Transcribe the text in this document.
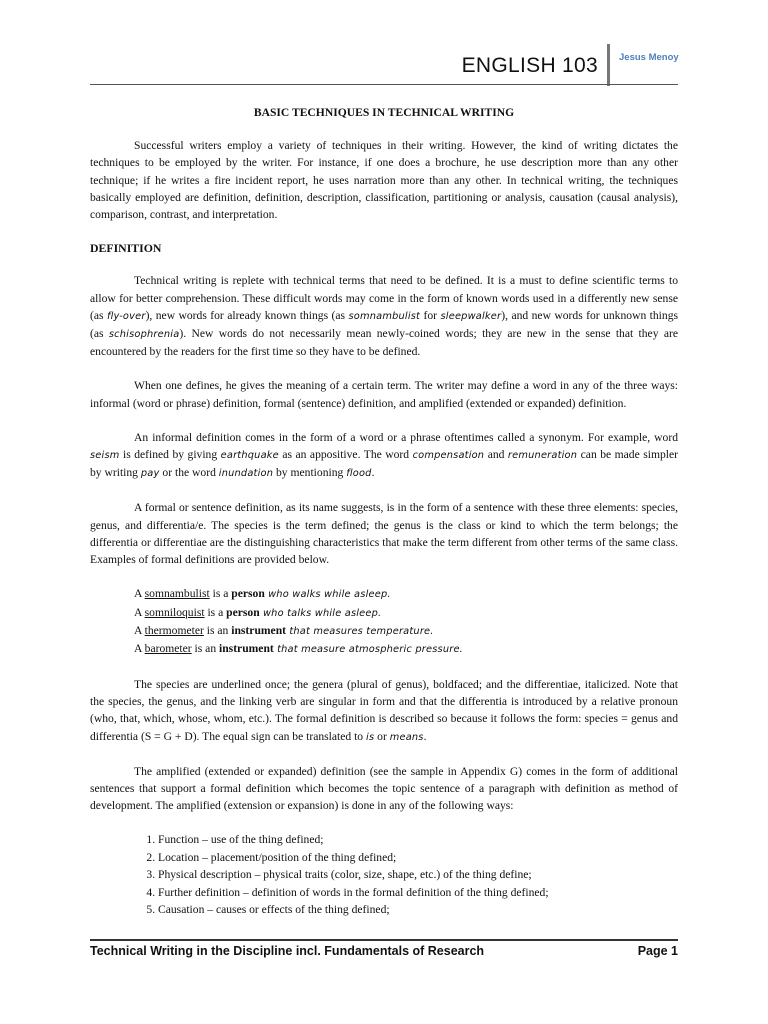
ENGLISH 103 Jesus Menoy
BASIC TECHNIQUES IN TECHNICAL WRITING

Successful writers employ a variety of techniques in their writing. However, the kind of writing dictates the techniques to be employed by the writer. For instance, if one does a brochure, he use description more than any other technique; if he writes a fire incident report, he uses narration more than any other. In technical writing, the techniques basically employed are definition, definition, description, classification, partitioning or analysis, causation (causal analysis), comparison, contrast, and interpretation.

DEFINITION

Technical writing is replete with technical terms that need to be defined. It is a must to define scientific terms to allow for better comprehension. These difficult words may come in the form of known words used in a differently new sense (as fly-over), new words for already known things (as somnambulist for sleepwalker), and new words for unknown things (as schisophrenia). New words do not necessarily mean newly-coined words; they are new in the sense that they are encountered by the readers for the first time so they have to be defined.

When one defines, he gives the meaning of a certain term. The writer may define a word in any of the three ways: informal (word or phrase) definition, formal (sentence) definition, and amplified (extended or expanded) definition.

An informal definition comes in the form of a word or a phrase oftentimes called a synonym. For example, word seism is defined by giving earthquake as an appositive. The word compensation and remuneration can be made simpler by writing pay or the word inundation by mentioning flood.

A formal or sentence definition, as its name suggests, is in the form of a sentence with these three elements: species, genus, and differentia/e. The species is the term defined; the genus is the class or kind to which the term belongs; the differentia or differentiae are the distinguishing characteristics that make the term different from other terms of the same class. Examples of formal definitions are provided below.

A somnambulist is a person who walks while asleep.
A somniloquist is a person who talks while asleep.
A thermometer is an instrument that measures temperature.
A barometer is an instrument that measure atmospheric pressure.

The species are underlined once; the genera (plural of genus), boldfaced; and the differentiae, italicized. Note that the species, the genus, and the linking verb are singular in form and that the differentia is introduced by a relative pronoun (who, that, which, whose, whom, etc.). The formal definition is described so because it follows the form: species = genus and differentia (S = G + D). The equal sign can be translated to is or means.

The amplified (extended or expanded) definition (see the sample in Appendix G) comes in the form of additional sentences that support a formal definition which becomes the topic sentence of a paragraph with definition as method of development. The amplified (extension or expansion) is done in any of the following ways:

1. Function – use of the thing defined;
2. Location – placement/position of the thing defined;
3. Physical description – physical traits (color, size, shape, etc.) of the thing define;
4. Further definition – definition of words in the formal definition of the thing defined;
5. Causation – causes or effects of the thing defined;
Technical Writing in the Discipline incl. Fundamentals of Research	Page 1
